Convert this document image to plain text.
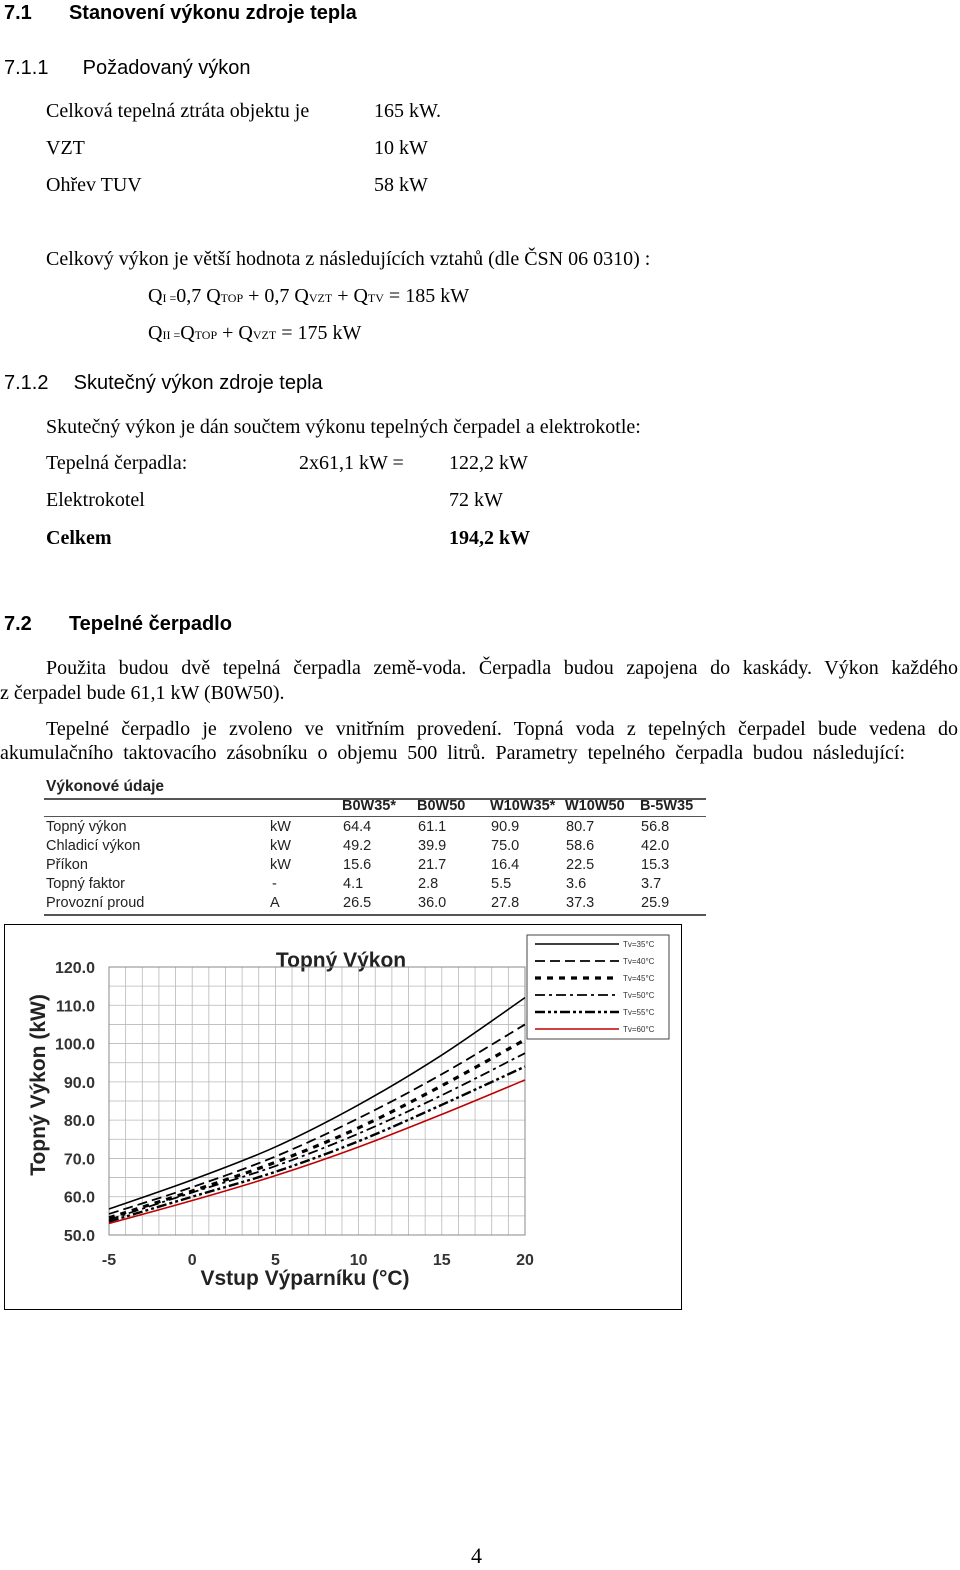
7.1 Stanovení výkonu zdroje tepla
7.1.1 Požadovaný výkon
Celková tepelná ztráta objektu je	165 kW.
VZT	10 kW
Ohřev TUV	58 kW
Celkový výkon je větší hodnota z následujících vztahů (dle ČSN 06 0310) :
QI =0,7 QTOP + 0,7 QVZT + QTV = 185 kW
QII =QTOP + QVZT = 175 kW
7.1.2 Skutečný výkon zdroje tepla
Skutečný výkon je dán součtem výkonu tepelných čerpadel a elektrokotle:
Tepelná čerpadla:	2x61,1 kW = 122,2 kW
Elektrokotel	72 kW
Celkem	194,2 kW
7.2 Tepelné čerpadlo
Použita budou dvě tepelná čerpadla země-voda. Čerpadla budou zapojena do kaskády. Výkon každého
z čerpadel bude 61,1 kW (B0W50).
Tepelné čerpadlo je zvoleno ve vnitřním provedení. Topná voda z tepelných čerpadel bude vedena do
akumulačního taktovacího zásobníku o objemu 500 litrů. Parametry tepelného čerpadla budou následující:
Výkonové údaje
B0W35* B0W50 W10W35* W10W50 B-5W35
Topný výkon	kW	64.4	61.1	90.9	80.7	56.8
Chladicí výkon	kW	49.2	39.9	75.0	58.6	42.0
Příkon	kW	15.6	21.7	16.4	22.5	15.3
Topný faktor	-	4.1	2.8	5.5	3.6	3.7
Provozní proud	A	26.5	36.0	27.8	37.3	25.9
Topný Výkon
Vstup Výparníku (°C)
Topný Výkon (kW)
50.0
60.0
70.0
80.0
90.0
100.0
110.0
120.0
-5	0	5	10	15	20
Tv=35°C
Tv=40°C
Tv=45°C
Tv=50°C
Tv=55°C
Tv=60°C
4
